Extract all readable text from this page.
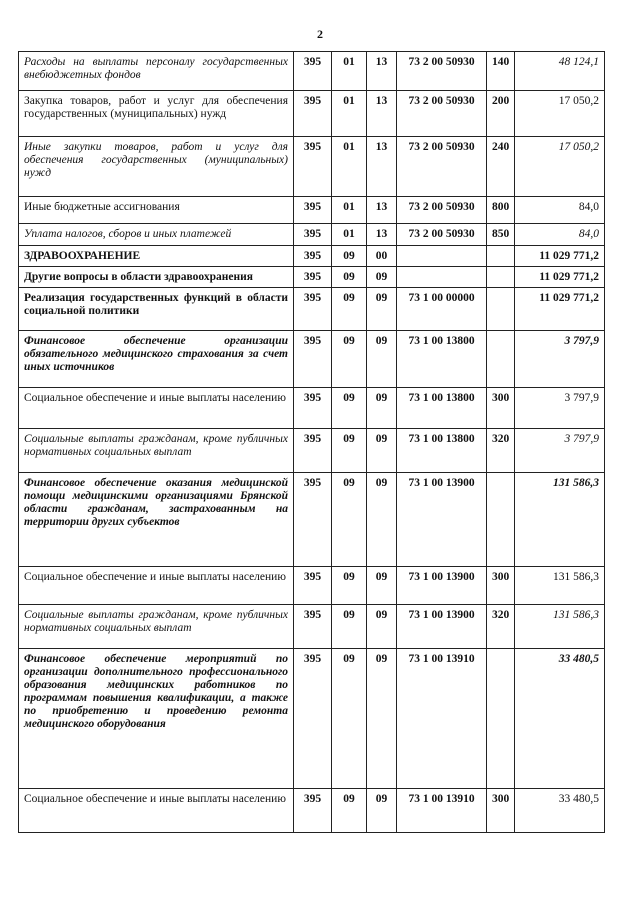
2
Расходы на выплаты персоналу государственных внебюджетных фондов	395	01	13	73 2 00 50930	140	48 124,1
Закупка товаров, работ и услуг для обеспечения государственных (муниципальных) нужд	395	01	13	73 2 00 50930	200	17 050,2
Иные закупки товаров, работ и услуг для обеспечения государственных (муниципальных) нужд	395	01	13	73 2 00 50930	240	17 050,2
Иные бюджетные ассигнования	395	01	13	73 2 00 50930	800	84,0
Уплата налогов, сборов и иных платежей	395	01	13	73 2 00 50930	850	84,0
ЗДРАВООХРАНЕНИЕ	395	09	00			11 029 771,2
Другие вопросы в области здравоохранения	395	09	09			11 029 771,2
Реализация государственных функций в области социальной политики	395	09	09	73 1 00 00000		11 029 771,2
Финансовое обеспечение организации обязательного медицинского страхования за счет иных источников	395	09	09	73 1 00 13800		3 797,9
Социальное обеспечение и иные выплаты населению	395	09	09	73 1 00 13800	300	3 797,9
Социальные выплаты гражданам, кроме публичных нормативных социальных выплат	395	09	09	73 1 00 13800	320	3 797,9
Финансовое обеспечение оказания медицинской помощи медицинскими организациями Брянской области гражданам, застрахованным на территории других субъектов	395	09	09	73 1 00 13900		131 586,3
Социальное обеспечение и иные выплаты населению	395	09	09	73 1 00 13900	300	131 586,3
Социальные выплаты гражданам, кроме публичных нормативных социальных выплат	395	09	09	73 1 00 13900	320	131 586,3
Финансовое обеспечение мероприятий по организации дополнительного профессионального образования медицинских работников по программам повышения квалификации, а также по приобретению и проведению ремонта медицинского оборудования	395	09	09	73 1 00 13910		33 480,5
Социальное обеспечение и иные выплаты населению	395	09	09	73 1 00 13910	300	33 480,5
